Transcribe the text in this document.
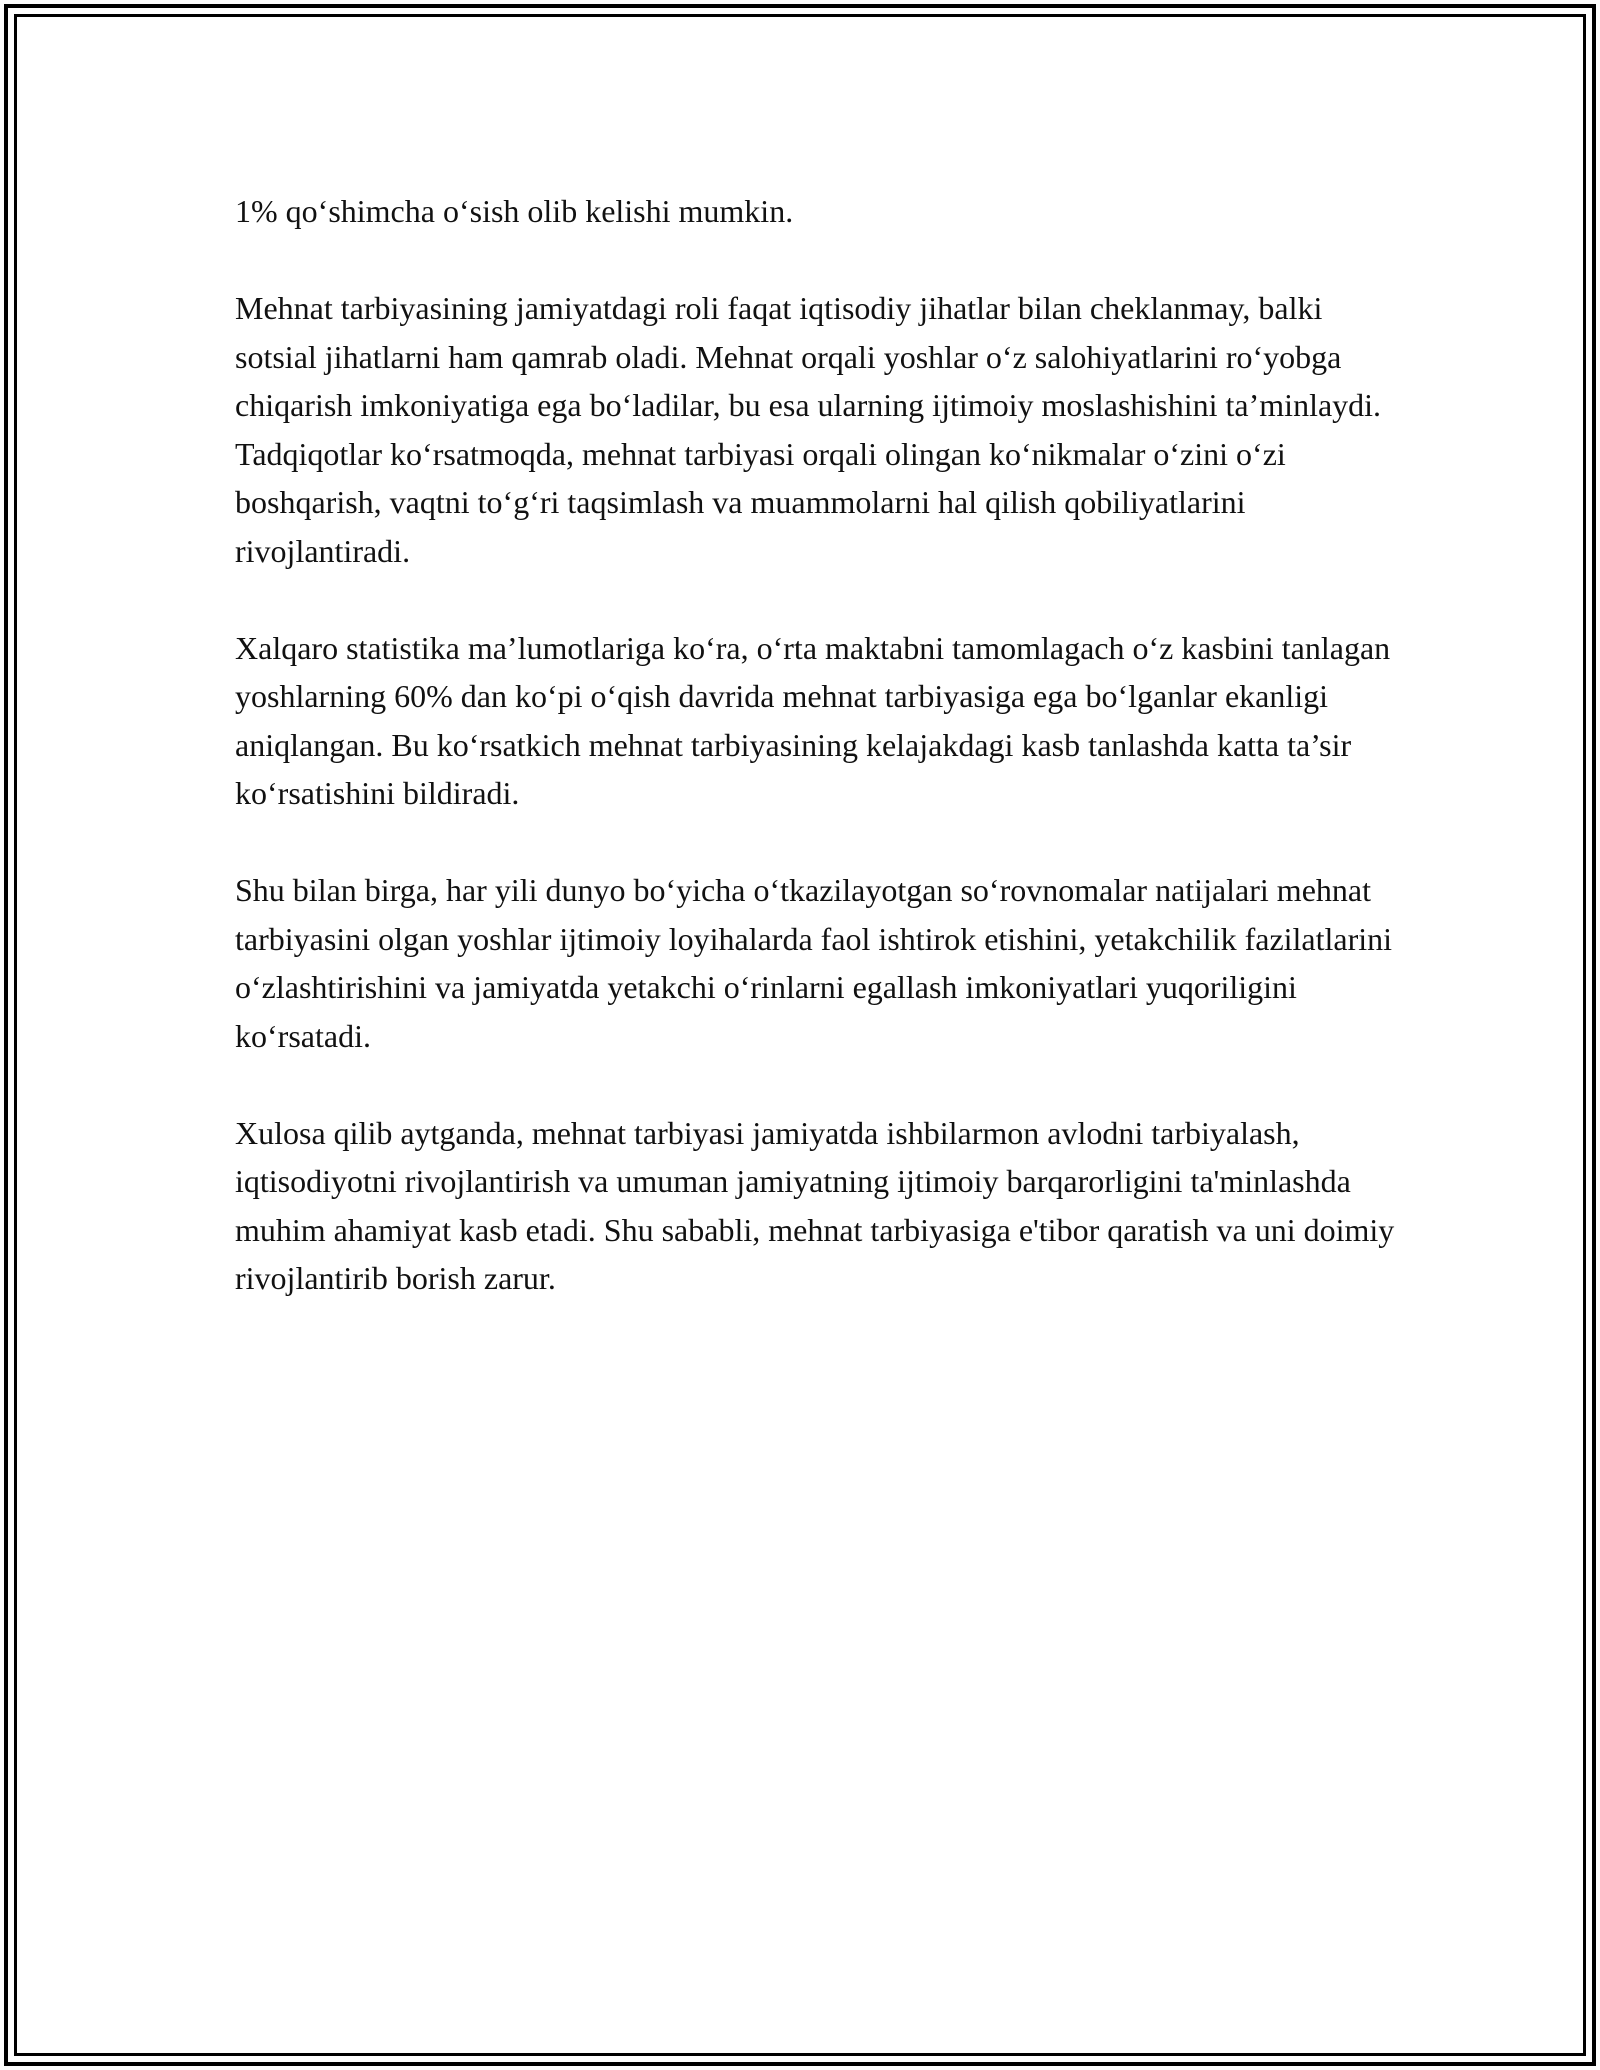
1% qo‘shimcha o‘sish olib kelishi mumkin.

Mehnat tarbiyasining jamiyatdagi roli faqat iqtisodiy jihatlar bilan cheklanmay, balki sotsial jihatlarni ham qamrab oladi. Mehnat orqali yoshlar o‘z salohiyatlarini ro‘yobga chiqarish imkoniyatiga ega bo‘ladilar, bu esa ularning ijtimoiy moslashishini ta’minlaydi. Tadqiqotlar ko‘rsatmoqda, mehnat tarbiyasi orqali olingan ko‘nikmalar o‘zini o‘zi boshqarish, vaqtni to‘g‘ri taqsimlash va muammolarni hal qilish qobiliyatlarini rivojlantiradi.

Xalqaro statistika ma’lumotlariga ko‘ra, o‘rta maktabni tamomlagach o‘z kasbini tanlagan yoshlarning 60% dan ko‘pi o‘qish davrida mehnat tarbiyasiga ega bo‘lganlar ekanligi aniqlangan. Bu ko‘rsatkich mehnat tarbiyasining kelajakdagi kasb tanlashda katta ta’sir ko‘rsatishini bildiradi.

Shu bilan birga, har yili dunyo bo‘yicha o‘tkazilayotgan so‘rovnomalar natijalari mehnat tarbiyasini olgan yoshlar ijtimoiy loyihalarda faol ishtirok etishini, yetakchilik fazilatlarini o‘zlashtirishini va jamiyatda yetakchi o‘rinlarni egallash imkoniyatlari yuqoriligini ko‘rsatadi.

Xulosa qilib aytganda, mehnat tarbiyasi jamiyatda ishbilarmon avlodni tarbiyalash, iqtisodiyotni rivojlantirish va umuman jamiyatning ijtimoiy barqarorligini ta'minlashda muhim ahamiyat kasb etadi. Shu sababli, mehnat tarbiyasiga e'tibor qaratish va uni doimiy rivojlantirib borish zarur.
